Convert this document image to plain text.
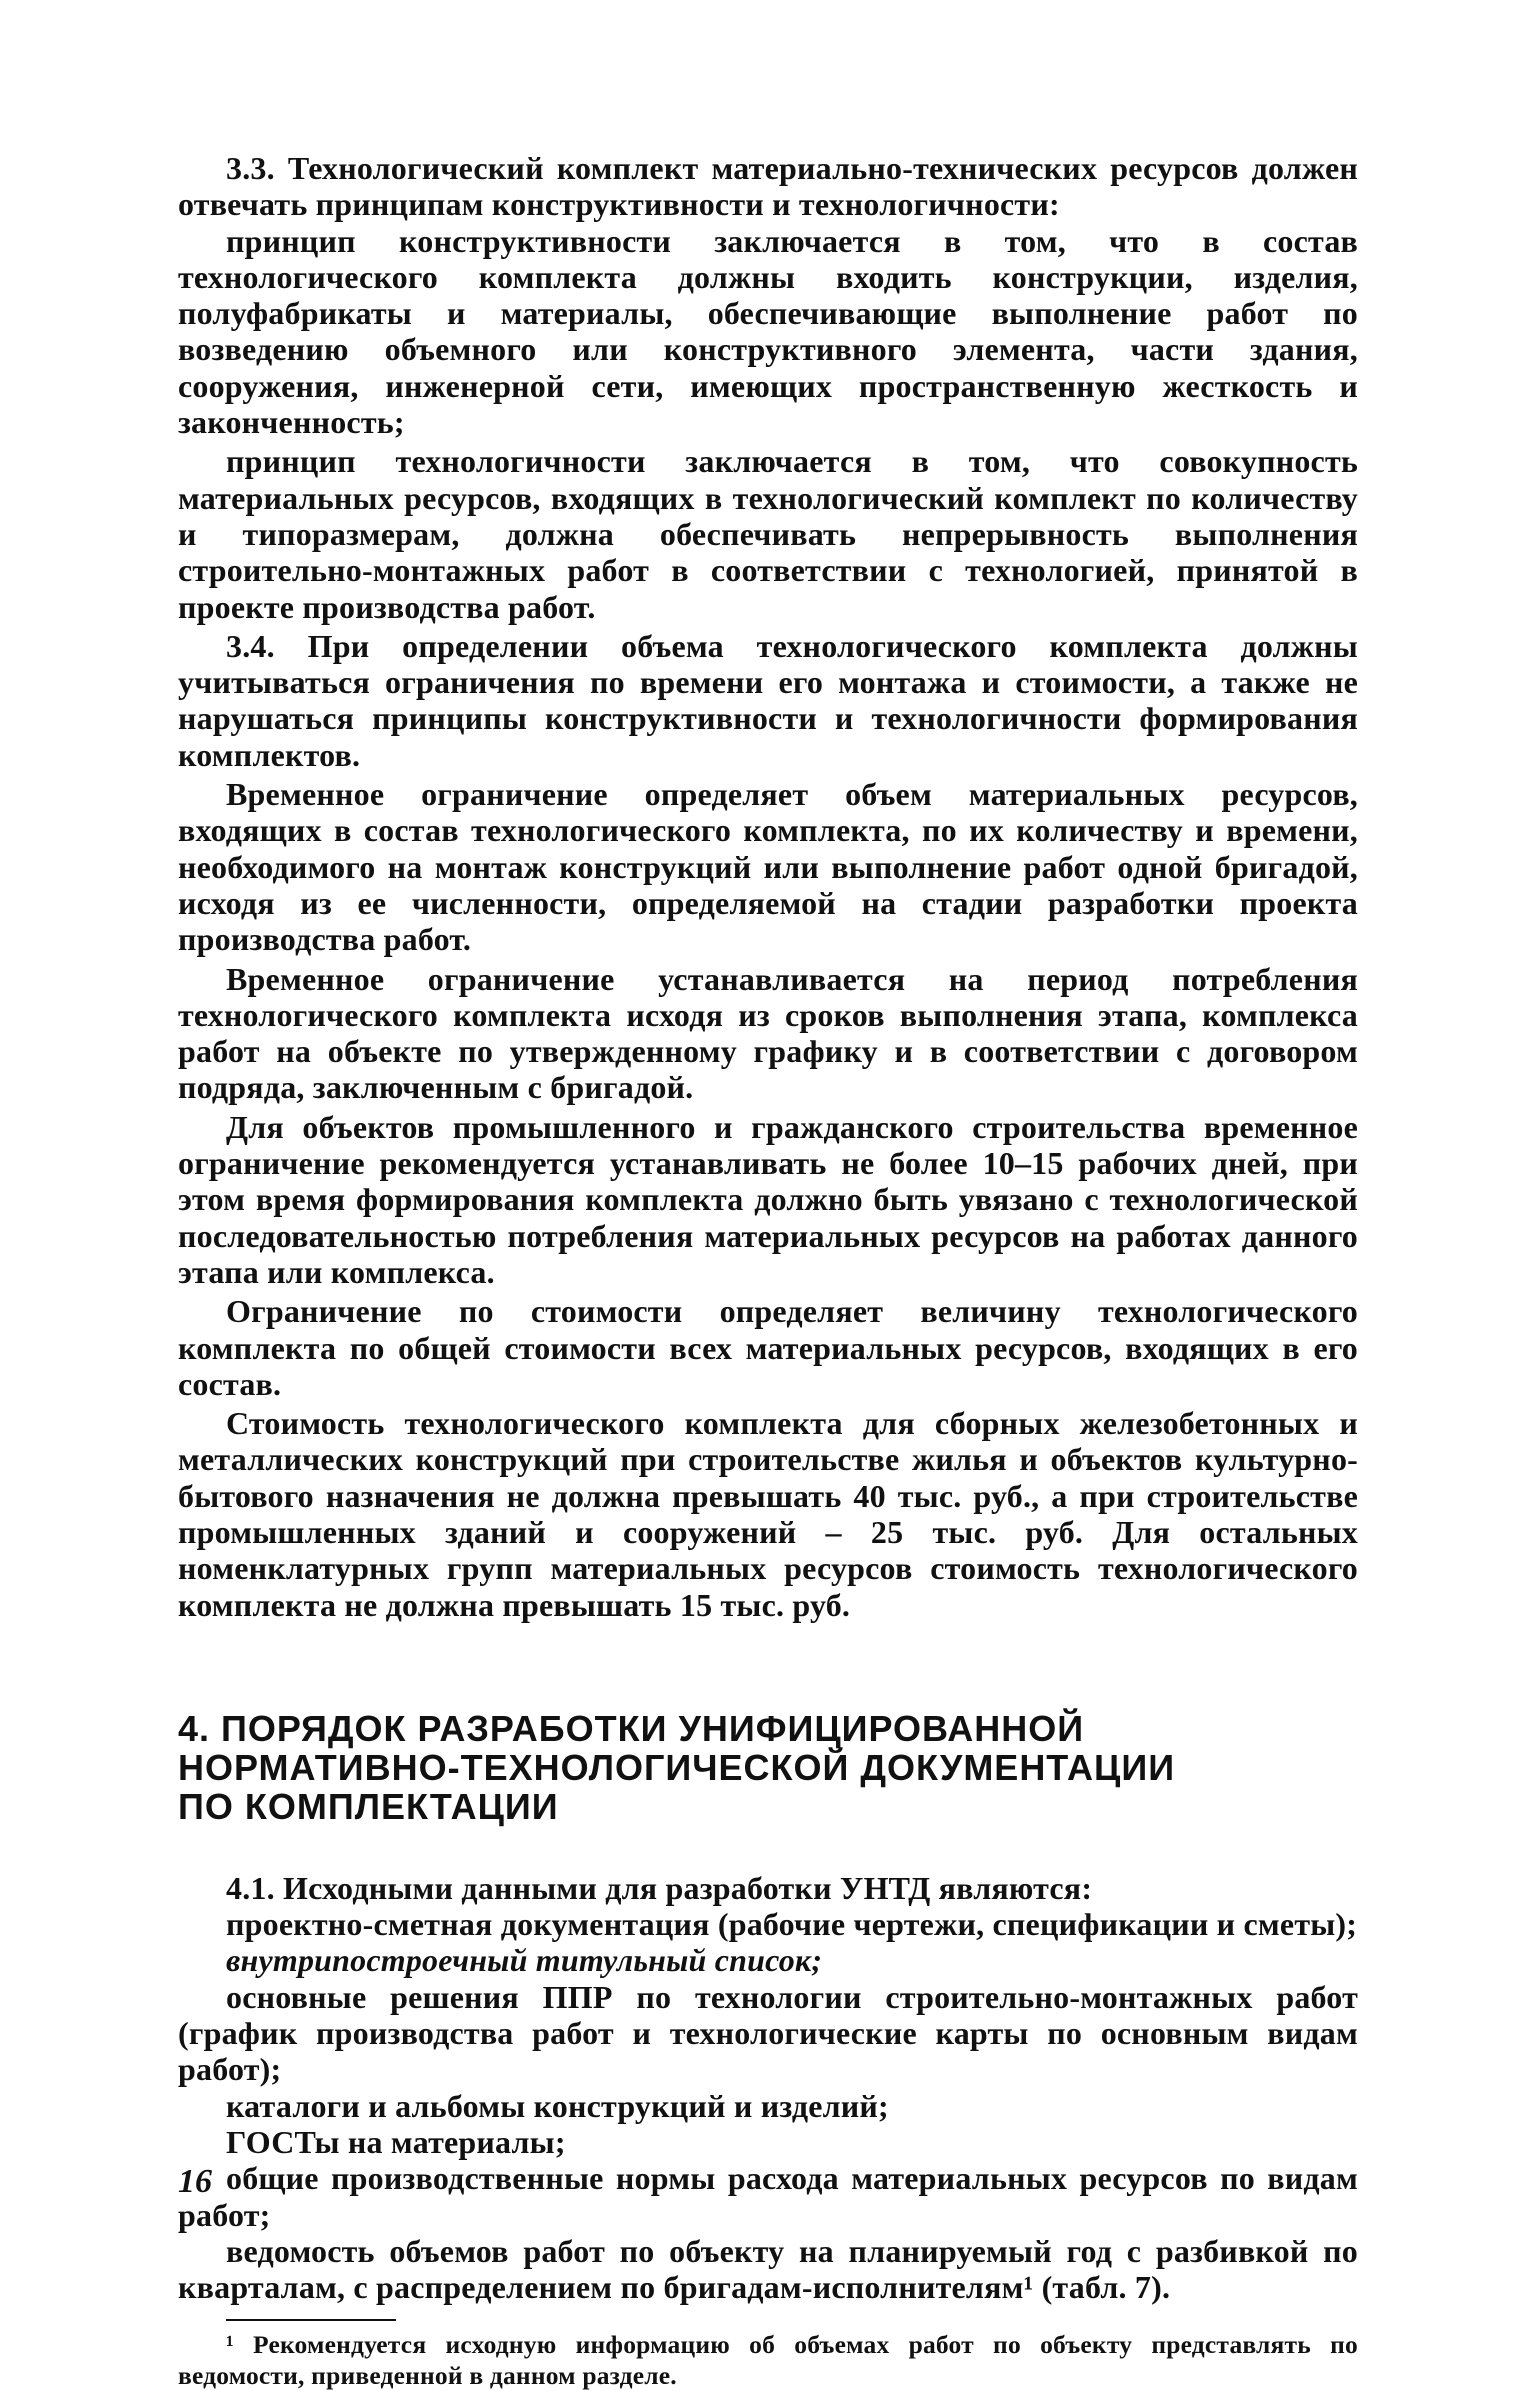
3.3. Технологический комплект материально-технических ресурсов должен отвечать принципам конструктивности и технологичности:

принцип конструктивности заключается в том, что в состав технологического комплекта должны входить конструкции, изделия, полуфабрикаты и материалы, обеспечивающие выполнение работ по возведению объемного или конструктивного элемента, части здания, сооружения, инженерной сети, имеющих пространственную жесткость и законченность;

принцип технологичности заключается в том, что совокупность материальных ресурсов, входящих в технологический комплект по количеству и типоразмерам, должна обеспечивать непрерывность выполнения строительно-монтажных работ в соответствии с технологией, принятой в проекте производства работ.

3.4. При определении объема технологического комплекта должны учитываться ограничения по времени его монтажа и стоимости, а также не нарушаться принципы конструктивности и технологичности формирования комплектов.

Временное ограничение определяет объем материальных ресурсов, входящих в состав технологического комплекта, по их количеству и времени, необходимого на монтаж конструкций или выполнение работ одной бригадой, исходя из ее численности, определяемой на стадии разработки проекта производства работ.

Временное ограничение устанавливается на период потребления технологического комплекта исходя из сроков выполнения этапа, комплекса работ на объекте по утвержденному графику и в соответствии с договором подряда, заключенным с бригадой.

Для объектов промышленного и гражданского строительства временное ограничение рекомендуется устанавливать не более 10–15 рабочих дней, при этом время формирования комплекта должно быть увязано с технологической последовательностью потребления материальных ресурсов на работах данного этапа или комплекса.

Ограничение по стоимости определяет величину технологического комплекта по общей стоимости всех материальных ресурсов, входящих в его состав.

Стоимость технологического комплекта для сборных железобетонных и металлических конструкций при строительстве жилья и объектов культурно-бытового назначения не должна превышать 40 тыс. руб., а при строительстве промышленных зданий и сооружений – 25 тыс. руб. Для остальных номенклатурных групп материальных ресурсов стоимость технологического комплекта не должна превышать 15 тыс. руб.

4. ПОРЯДОК РАЗРАБОТКИ УНИФИЦИРОВАННОЙ
НОРМАТИВНО-ТЕХНОЛОГИЧЕСКОЙ ДОКУМЕНТАЦИИ
ПО КОМПЛЕКТАЦИИ

4.1. Исходными данными для разработки УНТД являются:

проектно-сметная документация (рабочие чертежи, спецификации и сметы);

внутрипостроечный титульный список;

основные решения ППР по технологии строительно-монтажных работ (график производства работ и технологические карты по основным видам работ);

каталоги и альбомы конструкций и изделий;

ГОСТы на материалы;

общие производственные нормы расхода материальных ресурсов по видам работ;

ведомость объемов работ по объекту на планируемый год с разбивкой по кварталам, с распределением по бригадам-исполнителям¹ (табл. 7).

¹ Рекомендуется исходную информацию об объемах работ по объекту представлять по ведомости, приведенной в данном разделе.

16
